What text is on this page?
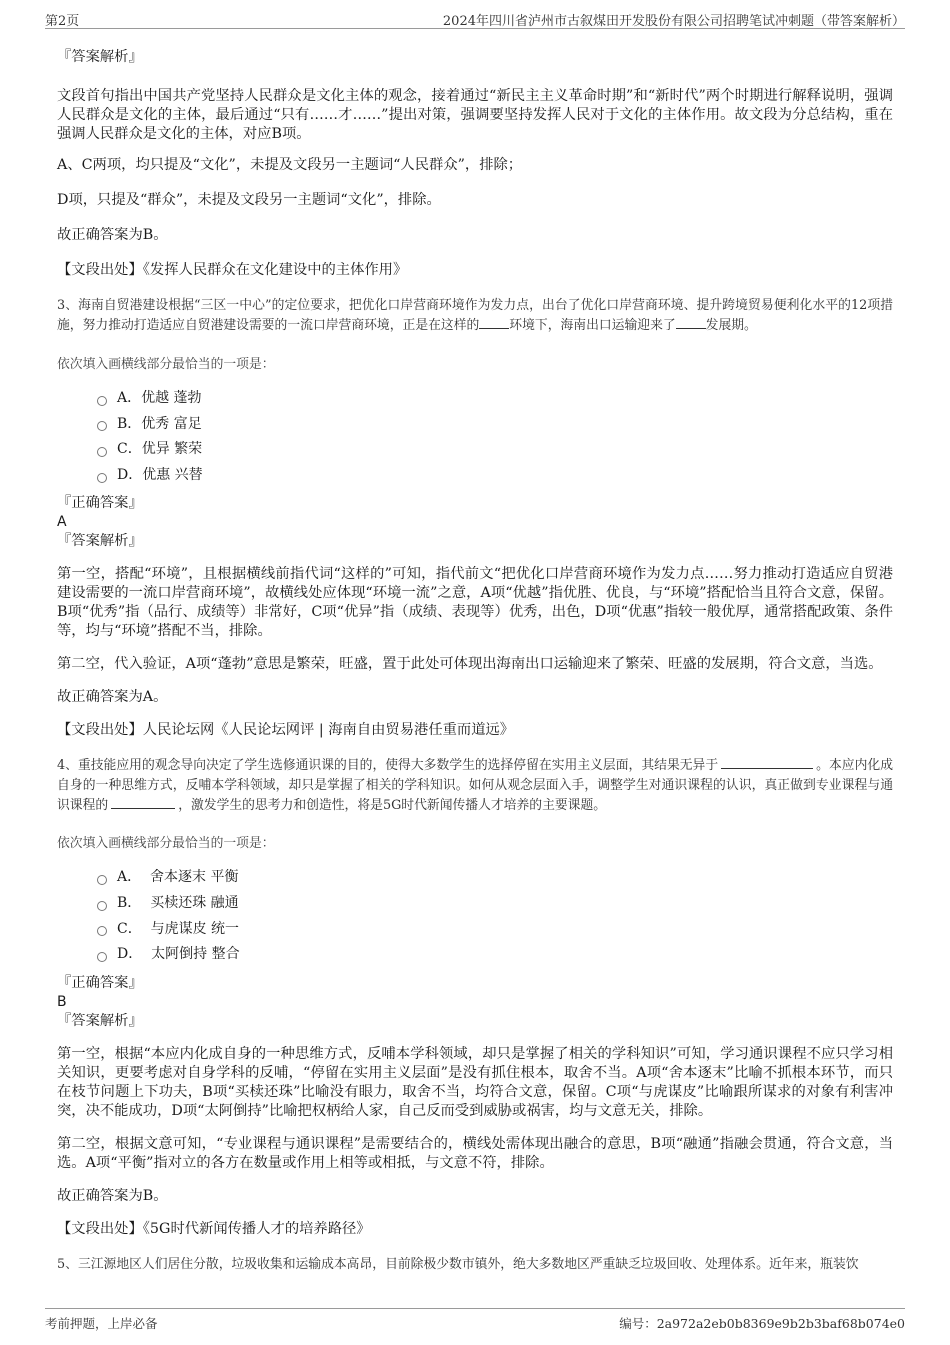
第2页	2024年四川省泸州市古叙煤田开发股份有限公司招聘笔试冲刺题（带答案解析）

『答案解析』

文段首句指出中国共产党坚持人民群众是文化主体的观念，接着通过“新民主主义革命时期”和“新时代”两个时期进行解释说明，强调人民群众是文化的主体，最后通过“只有……才……”提出对策，强调要坚持发挥人民对于文化的主体作用。故文段为分总结构，重在强调人民群众是文化的主体，对应B项。

A、C两项，均只提及“文化”，未提及文段另一主题词“人民群众”，排除；

D项，只提及“群众”，未提及文段另一主题词“文化”，排除。

故正确答案为B。

【文段出处】《发挥人民群众在文化建设中的主体作用》

3、海南自贸港建设根据“三区一中心”的定位要求，把优化口岸营商环境作为发力点，出台了优化口岸营商环境、提升跨境贸易便利化水平的12项措施，努力推动打造适应自贸港建设需要的一流口岸营商环境，正是在这样的 环境下，海南出口运输迎来了 发展期。

依次填入画横线部分最恰当的一项是：

A．优越 蓬勃
B．优秀 富足
C．优异 繁荣
D．优惠 兴替

『正确答案』

A

『答案解析』

第一空，搭配“环境”，且根据横线前指代词“这样的”可知，指代前文“把优化口岸营商环境作为发力点……努力推动打造适应自贸港建设需要的一流口岸营商环境”，故横线处应体现“环境一流”之意，A项“优越”指优胜、优良，与“环境”搭配恰当且符合文意，保留。B项“优秀”指（品行、成绩等）非常好，C项“优异”指（成绩、表现等）优秀，出色，D项“优惠”指较一般优厚，通常搭配政策、条件等，均与“环境”搭配不当，排除。

第二空，代入验证，A项“蓬勃”意思是繁荣，旺盛，置于此处可体现出海南出口运输迎来了繁荣、旺盛的发展期，符合文意，当选。

故正确答案为A。

【文段出处】人民论坛网《人民论坛网评 | 海南自由贸易港任重而道远》

4、重技能应用的观念导向决定了学生选修通识课的目的，使得大多数学生的选择停留在实用主义层面，其结果无异于	。本应内化成自身的一种思维方式，反哺本学科领域，却只是掌握了相关的学科知识。如何从观念层面入手，调整学生对通识课程的认识，真正做到专业课程与通识课程的	，激发学生的思考力和创造性，将是5G时代新闻传播人才培养的主要课题。

依次填入画横线部分最恰当的一项是：

A．  舍本逐末 平衡
B．  买椟还珠 融通
C．  与虎谋皮 统一
D．  太阿倒持 整合

『正确答案』

B

『答案解析』

第一空，根据“本应内化成自身的一种思维方式，反哺本学科领域，却只是掌握了相关的学科知识”可知，学习通识课程不应只学习相关知识，更要考虑对自身学科的反哺，“停留在实用主义层面”是没有抓住根本，取舍不当。A项“舍本逐末”比喻不抓根本环节，而只在枝节问题上下功夫，B项“买椟还珠”比喻没有眼力，取舍不当，均符合文意，保留。C项“与虎谋皮”比喻跟所谋求的对象有利害冲突，决不能成功，D项“太阿倒持”比喻把权柄给人家，自己反而受到威胁或祸害，均与文意无关，排除。

第二空，根据文意可知，“专业课程与通识课程”是需要结合的，横线处需体现出融合的意思，B项“融通”指融会贯通，符合文意，当选。A项“平衡”指对立的各方在数量或作用上相等或相抵，与文意不符，排除。

故正确答案为B。

【文段出处】《5G时代新闻传播人才的培养路径》

5、三江源地区人们居住分散，垃圾收集和运输成本高昂，目前除极少数市镇外，绝大多数地区严重缺乏垃圾回收、处理体系。近年来，瓶装饮

考前押题，上岸必备	编号：2a972a2eb0b8369e9b2b3baf68b074e0
